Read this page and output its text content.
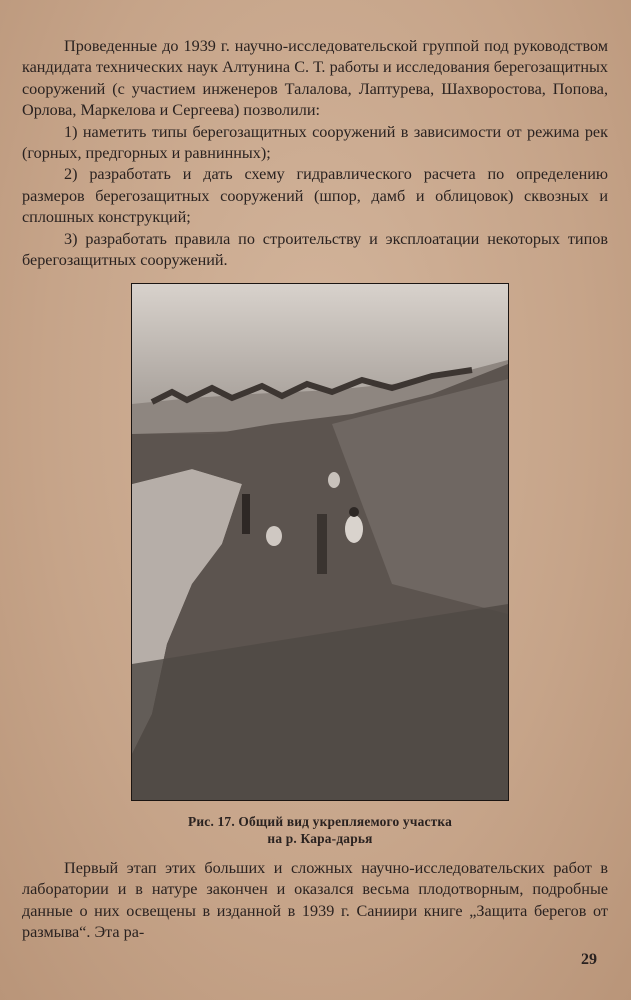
Проведенные до 1939 г. научно-исследовательской группой под руководством кандидата технических наук Алтунина С. Т. работы и исследования берегозащитных сооружений (с участием инженеров Талалова, Лаптурева, Шахворостова, Попова, Орлова, Маркелова и Сергеева) позволили:

1) наметить типы берегозащитных сооружений в зависимости от режима рек (горных, предгорных и равнинных);

2) разработать и дать схему гидравлического расчета по определению размеров берегозащитных сооружений (шпор, дамб и облицовок) сквозных и сплошных конструкций;

3) разработать правила по строительству и эксплоатации некоторых типов берегозащитных сооружений.

Рис. 17. Общий вид укрепляемого участка
на р. Кара-дарья

Первый этап этих больших и сложных научно-исследовательских работ в лаборатории и в натуре закончен и оказался весьма плодотворным, подробные данные о них освещены в изданной в 1939 г. Саниири книге „Защита берегов от размыва“. Эта ра-

29
